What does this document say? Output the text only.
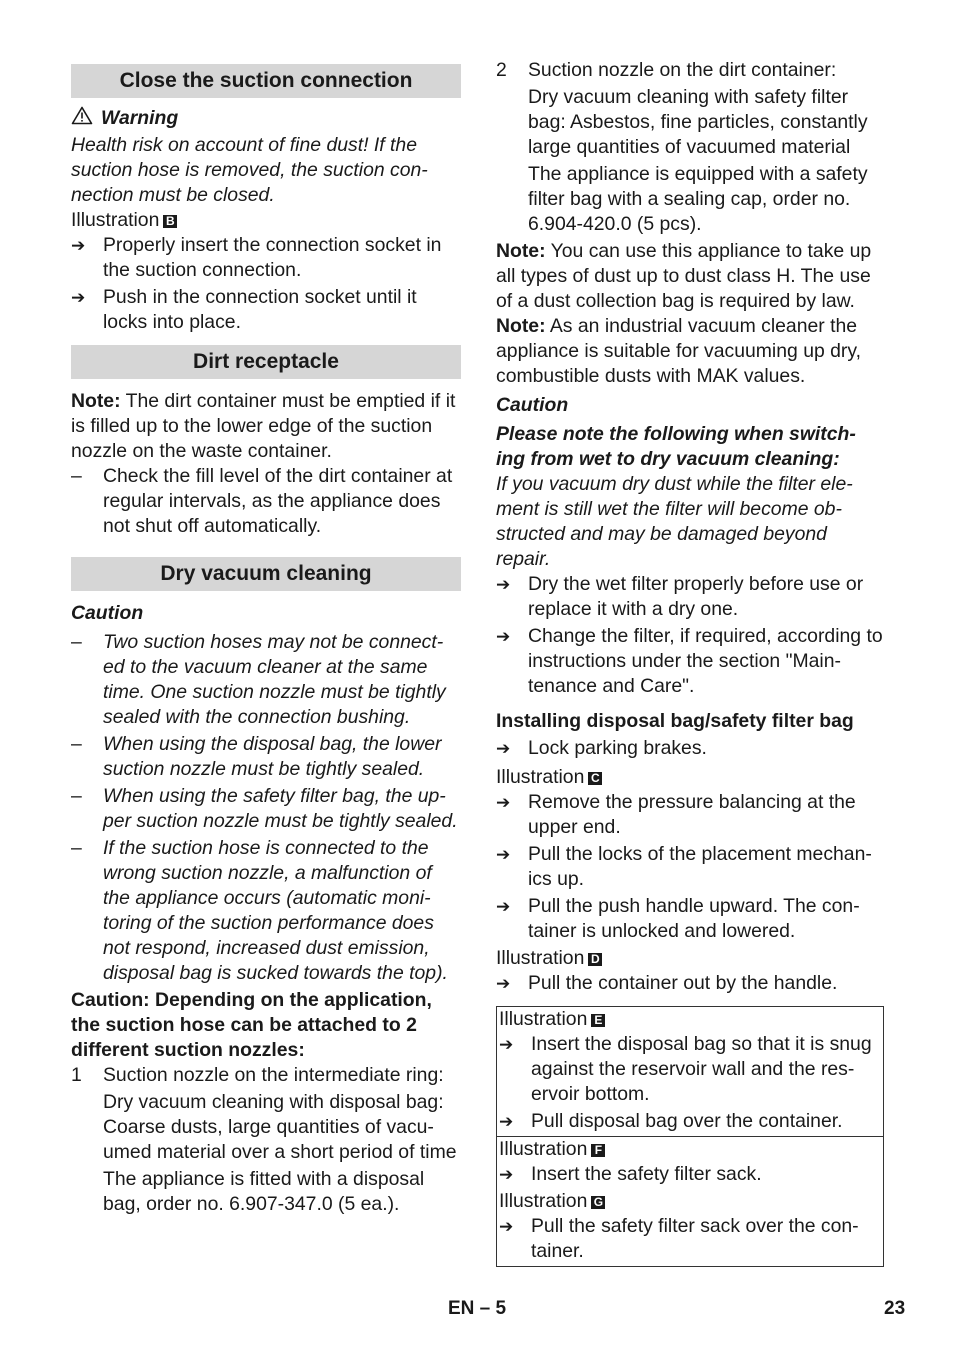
Close the suction connection
Warning

Health risk on account of fine dust! If the suction hose is removed, the suction con-nection must be closed.

Illustration B

➔ Properly insert the connection socket in the suction connection.
➔ Push in the connection socket until it locks into place.
Dirt receptacle

Note: The dirt container must be emptied if it is filled up to the lower edge of the suction nozzle on the waste container.

–	Check the fill level of the dirt container at regular intervals, as the appliance does not shut off automatically.
Dry vacuum cleaning

Caution

–	Two suction hoses may not be connect-ed to the vacuum cleaner at the same time. One suction nozzle must be tightly sealed with the connection bushing.
–	When using the disposal bag, the lower suction nozzle must be tightly sealed.
–	When using the safety filter bag, the up-per suction nozzle must be tightly sealed.
–	If the suction hose is connected to the wrong suction nozzle, a malfunction of the appliance occurs (automatic moni-toring of the suction performance does not respond, increased dust emission, disposal bag is sucked towards the top).

Caution: Depending on the application, the suction hose can be attached to 2 different suction nozzles:

1	Suction nozzle on the intermediate ring:
Dry vacuum cleaning with disposal bag: Coarse dusts, large quantities of vacu-umed material over a short period of time
The appliance is fitted with a disposal bag, order no. 6.907-347.0 (5 ea.).
2	Suction nozzle on the dirt container:
Dry vacuum cleaning with safety filter bag: Asbestos, fine particles, constantly large quantities of vacuumed material
The appliance is equipped with a safety filter bag with a sealing cap, order no. 6.904-420.0 (5 pcs).

Note: You can use this appliance to take up all types of dust up to dust class H. The use of a dust collection bag is required by law.

Note: As an industrial vacuum cleaner the appliance is suitable for vacuuming up dry, combustible dusts with MAK values.

Caution

Please note the following when switch-ing from wet to dry vacuum cleaning:

If you vacuum dry dust while the filter ele-ment is still wet the filter will become ob-structed and may be damaged beyond repair.

➔ Dry the wet filter properly before use or replace it with a dry one.
➔ Change the filter, if required, according to instructions under the section "Main-tenance and Care".

Installing disposal bag/safety filter bag

➔ Lock parking brakes.

Illustration C

➔ Remove the pressure balancing at the upper end.
➔ Pull the locks of the placement mechan-ics up.
➔ Pull the push handle upward. The con-tainer is unlocked and lowered.

Illustration D

➔ Pull the container out by the handle.

Illustration E

➔ Insert the disposal bag so that it is snug against the reservoir wall and the res-ervoir bottom.
➔ Pull disposal bag over the container.

Illustration F

➔ Insert the safety filter sack.

Illustration G

➔ Pull the safety filter sack over the con-tainer.
EN – 5	23
